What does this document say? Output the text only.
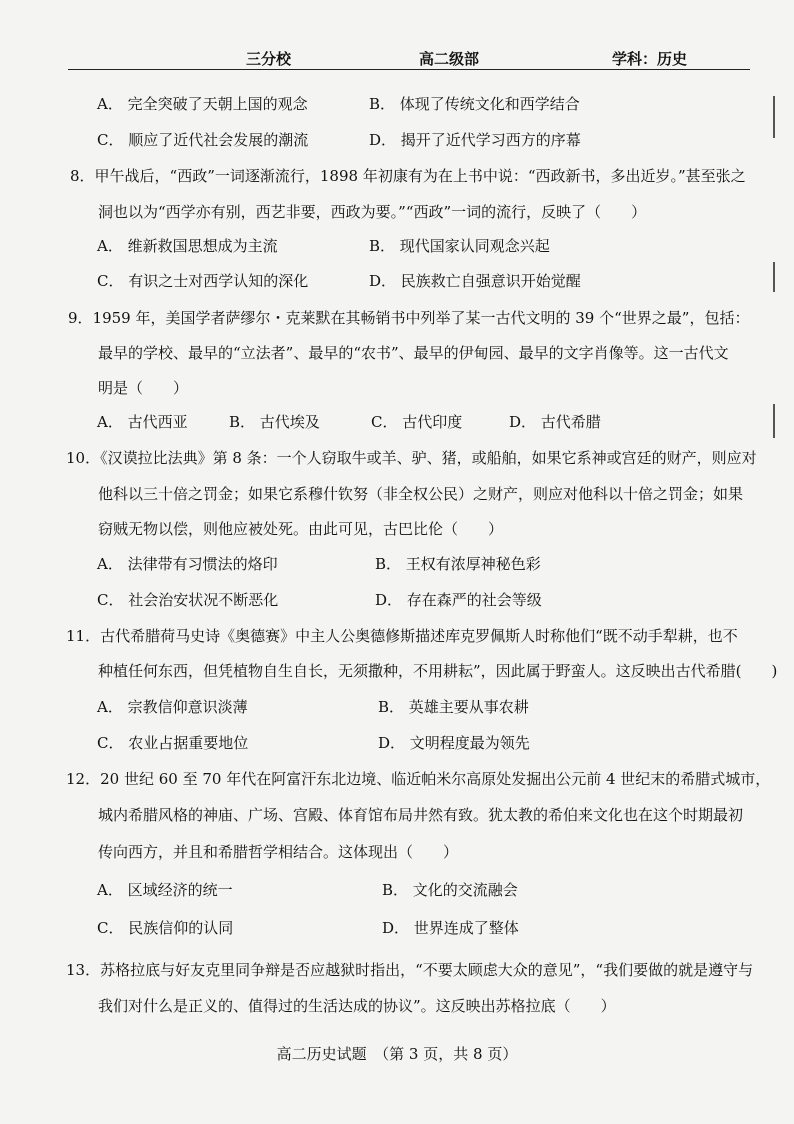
三分校	高二级部	学科：历史
A． 完全突破了天朝上国的观念	B． 体现了传统文化和西学结合
C． 顺应了近代社会发展的潮流	D． 揭开了近代学习西方的序幕
8．甲午战后，“西政”一词逐渐流行，1898 年初康有为在上书中说：“西政新书，多出近岁。”甚至张之
洞也以为“西学亦有别，西艺非要，西政为要。”“西政”一词的流行，反映了（　　）
A． 维新救国思想成为主流	B． 现代国家认同观念兴起
C． 有识之士对西学认知的深化	D． 民族救亡自强意识开始觉醒
9．1959 年，美国学者萨缪尔・克莱默在其畅销书中列举了某一古代文明的 39 个“世界之最”，包括：
最早的学校、最早的“立法者”、最早的“农书”、最早的伊甸园、最早的文字肖像等。这一古代文
明是（　　）
A． 古代西亚	B． 古代埃及	C． 古代印度	D． 古代希腊
10．《汉谟拉比法典》第 8 条：一个人窃取牛或羊、驴、猪，或船舶，如果它系神或宫廷的财产，则应对
他科以三十倍之罚金；如果它系穆什钦努（非全权公民）之财产，则应对他科以十倍之罚金；如果
窃贼无物以偿，则他应被处死。由此可见，古巴比伦（　　）
A． 法律带有习惯法的烙印	B． 王权有浓厚神秘色彩
C． 社会治安状况不断恶化	D． 存在森严的社会等级
11．古代希腊荷马史诗《奥德赛》中主人公奥德修斯描述库克罗佩斯人时称他们“既不动手犁耕，也不
种植任何东西，但凭植物自生自长，无须撒种，不用耕耘”，因此属于野蛮人。这反映出古代希腊(　　)
A． 宗教信仰意识淡薄	B． 英雄主要从事农耕
C． 农业占据重要地位	D． 文明程度最为领先
12．20 世纪 60 至 70 年代在阿富汗东北边境、临近帕米尔高原处发掘出公元前 4 世纪末的希腊式城市，
城内希腊风格的神庙、广场、宫殿、体育馆布局井然有致。犹太教的希伯来文化也在这个时期最初
传向西方，并且和希腊哲学相结合。这体现出（　　）
A． 区域经济的统一	B． 文化的交流融会
C． 民族信仰的认同	D． 世界连成了整体
13．苏格拉底与好友克里同争辩是否应越狱时指出，“不要太顾虑大众的意见”，“我们要做的就是遵守与
我们对什么是正义的、值得过的生活达成的协议”。这反映出苏格拉底（　　）
高二历史试题　（第 3 页，共 8 页）
